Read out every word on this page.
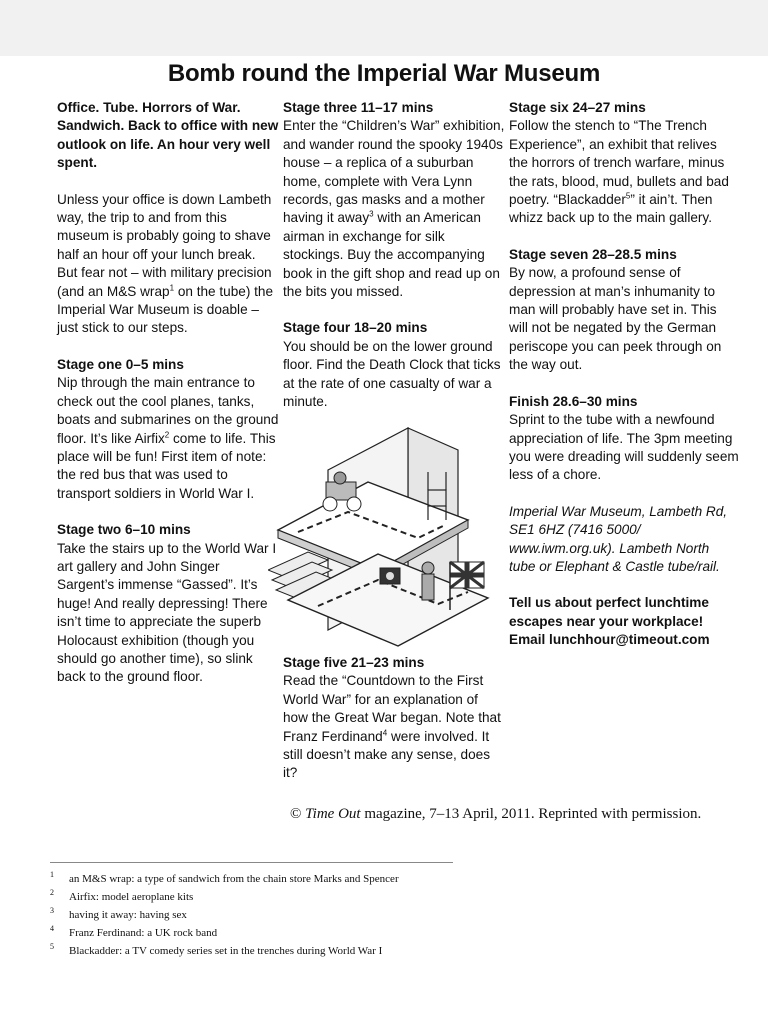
Bomb round the Imperial War Museum

Office. Tube. Horrors of War. Sandwich. Back to office with new outlook on life. An hour very well spent.

Unless your office is down Lambeth way, the trip to and from this museum is probably going to shave half an hour off your lunch break. But fear not – with military precision (and an M&S wrap$^1$ on the tube) the Imperial War Museum is doable – just stick to our steps.

Stage one 0–5 mins
Nip through the main entrance to check out the cool planes, tanks, boats and submarines on the ground floor. It’s like Airfix$^2$ come to life. This place will be fun! First item of note: the red bus that was used to transport soldiers in World War I.

Stage two 6–10 mins
Take the stairs up to the World War I art gallery and John Singer Sargent’s immense “Gassed”. It’s huge! And really depressing! There isn’t time to appreciate the superb Holocaust exhibition (though you should go another time), so slink back to the ground floor.

Stage three 11–17 mins
Enter the “Children’s War” exhibition, and wander round the spooky 1940s house – a replica of a suburban home, complete with Vera Lynn records, gas masks and a mother having it away$^3$ with an American airman in exchange for silk stockings. Buy the accompanying book in the gift shop and read up on the bits you missed.

Stage four 18–20 mins
You should be on the lower ground floor. Find the Death Clock that ticks at the rate of one casualty of war a minute.

Stage five 21–23 mins
Read the “Countdown to the First World War” for an explanation of how the Great War began. Note that Franz Ferdinand$^4$ were involved. It still doesn’t make any sense, does it?

Stage six 24–27 mins
Follow the stench to “The Trench Experience”, an exhibit that relives the horrors of trench warfare, minus the rats, blood, mud, bullets and bad poetry. “Blackadder$^5$” it ain’t. Then whizz back up to the main gallery.

Stage seven 28–28.5 mins
By now, a profound sense of depression at man’s inhumanity to man will probably have set in. This will not be negated by the German periscope you can peek through on the way out.

Finish 28.6–30 mins
Sprint to the tube with a newfound appreciation of life. The 3pm meeting you were dreading will suddenly seem less of a chore.

Imperial War Museum, Lambeth Rd, SE1 6HZ (7416 5000/ www.iwm.org.uk). Lambeth North tube or Elephant & Castle tube/rail.

Tell us about perfect lunchtime escapes near your workplace! Email lunchhour@timeout.com

© Time Out magazine, 7–13 April, 2011. Reprinted with permission.
1 an M&S wrap: a type of sandwich from the chain store Marks and Spencer
2 Airfix: model aeroplane kits
3 having it away: having sex
4 Franz Ferdinand: a UK rock band
5 Blackadder: a TV comedy series set in the trenches during World War I
